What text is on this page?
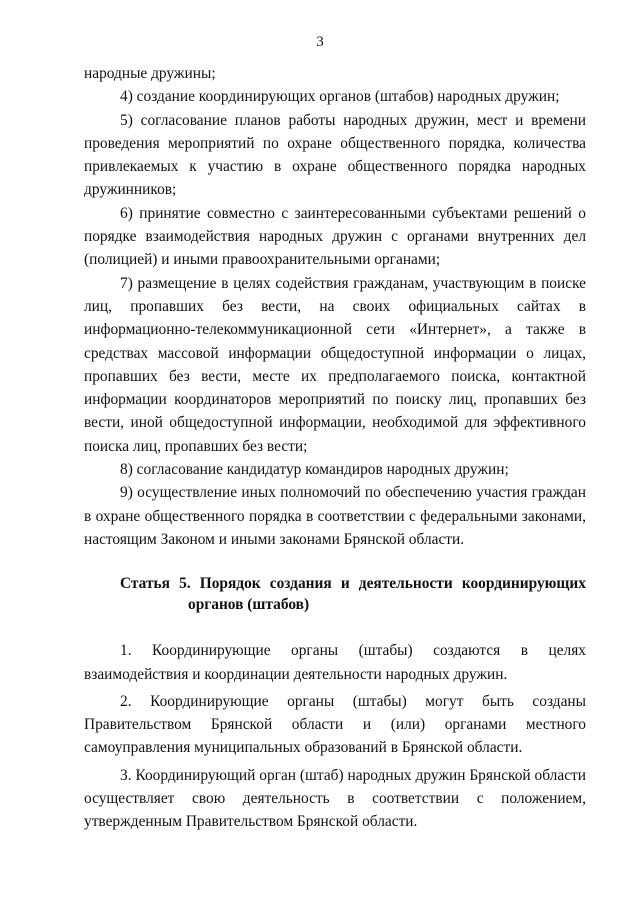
3

народные дружины;

4) создание координирующих органов (штабов) народных дружин;

5) согласование планов работы народных дружин, мест и времени проведения мероприятий по охране общественного порядка, количества привлекаемых к участию в охране общественного порядка народных дружинников;

6) принятие совместно с заинтересованными субъектами решений о порядке взаимодействия народных дружин с органами внутренних дел (полицией) и иными правоохранительными органами;

7) размещение в целях содействия гражданам, участвующим в поиске лиц, пропавших без вести, на своих официальных сайтах в информационно-телекоммуникационной сети «Интернет», а также в средствах массовой информации общедоступной информации о лицах, пропавших без вести, месте их предполагаемого поиска, контактной информации координаторов мероприятий по поиску лиц, пропавших без вести, иной общедоступной информации, необходимой для эффективного поиска лиц, пропавших без вести;

8) согласование кандидатур командиров народных дружин;

9) осуществление иных полномочий по обеспечению участия граждан в охране общественного порядка в соответствии с федеральными законами, настоящим Законом и иными законами Брянской области.

Статья 5. Порядок создания и деятельности координирующих органов (штабов)

1. Координирующие органы (штабы) создаются в целях взаимодействия и координации деятельности народных дружин.

2. Координирующие органы (штабы) могут быть созданы Правительством Брянской области и (или) органами местного самоуправления муниципальных образований в Брянской области.

3. Координирующий орган (штаб) народных дружин Брянской области осуществляет свою деятельность в соответствии с положением, утвержденным Правительством Брянской области.
